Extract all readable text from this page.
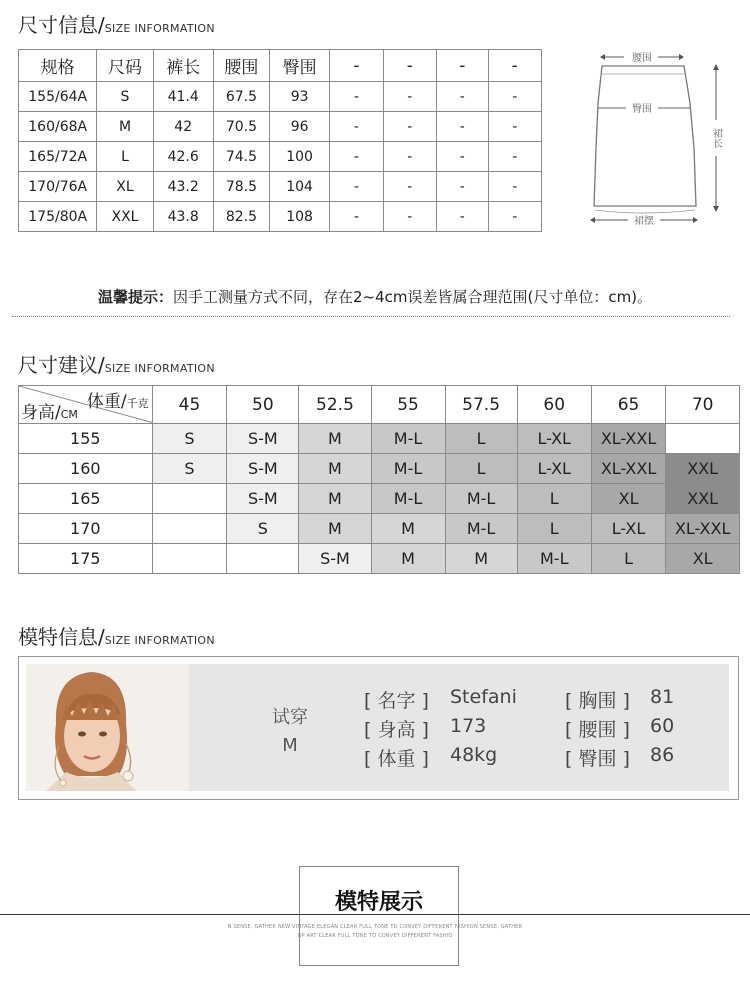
尺寸信息/SIZE INFORMATION
规格	尺码	裤长	腰围	臀围	-	-	-	-
155/64A	S	41.4	67.5	93	-	-	-	-
160/68A	M	42	70.5	96	-	-	-	-
165/72A	L	42.6	74.5	100	-	-	-	-
170/76A	XL	43.2	78.5	104	-	-	-	-
175/80A	XXL	43.8	82.5	108	-	-	-	-
腰围
臀围
裙摆
裙长
温馨提示：因手工测量方式不同，存在2~4cm误差皆属合理范围(尺寸单位：cm)。
尺寸建议/SIZE INFORMATION
体重/千克
身高/CM	45	50	52.5	55	57.5	60	65	70
155	S	S-M	M	M-L	L	L-XL	XL-XXL	
160	S	S-M	M	M-L	L	L-XL	XL-XXL	XXL
165		S-M	M	M-L	M-L	L	XL	XXL
170		S	M	M	M-L	L	L-XL	XL-XXL
175			S-M	M	M	M-L	L	XL
模特信息/SIZE INFORMATION
试穿
M
[ 名字 ] Stefani
[ 身高 ] 173
[ 体重 ] 48kg
[ 胸围 ] 81
[ 腰围 ] 60
[ 臀围 ] 86
模特展示
N SENSE, GATHER NEW VINTAGE ELEGAN CLEAR FULL TONE TO CONVEY DIFFERENT FASHION SENSE, GATHER
OP ART CLEAR FULL TONE TO CONVEY DIFFERENT FASHIO
